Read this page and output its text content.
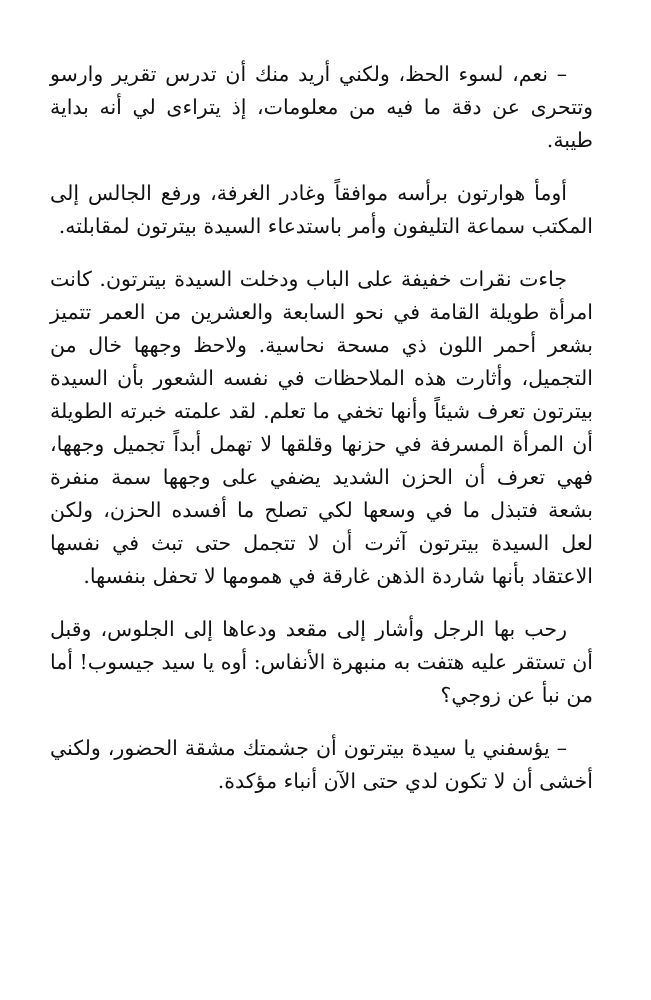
– نعم، لسوء الحظ، ولكني أريد منك أن تدرس تقرير وارسو وتتحرى عن دقة ما فيه من معلومات، إذ يتراءى لي أنه بداية طيبة.

أومأ هوارتون برأسه موافقاً وغادر الغرفة، ورفع الجالس إلى المكتب سماعة التليفون وأمر باستدعاء السيدة بيترتون لمقابلته.

جاءت نقرات خفيفة على الباب ودخلت السيدة بيترتون. كانت امرأة طويلة القامة في نحو السابعة والعشرين من العمر تتميز بشعر أحمر اللون ذي مسحة نحاسية. ولاحظ وجهها خال من التجميل، وأثارت هذه الملاحظات في نفسه الشعور بأن السيدة بيترتون تعرف شيئاً وأنها تخفي ما تعلم. لقد علمته خبرته الطويلة أن المرأة المسرفة في حزنها وقلقها لا تهمل أبداً تجميل وجهها، فهي تعرف أن الحزن الشديد يضفي على وجهها سمة منفرة بشعة فتبذل ما في وسعها لكي تصلح ما أفسده الحزن، ولكن لعل السيدة بيترتون آثرت أن لا تتجمل حتى تبث في نفسها الاعتقاد بأنها شاردة الذهن غارقة في همومها لا تحفل بنفسها.

رحب بها الرجل وأشار إلى مقعد ودعاها إلى الجلوس، وقبل أن تستقر عليه هتفت به منبهرة الأنفاس: أوه يا سيد جيسوب! أما من نبأ عن زوجي؟

– يؤسفني يا سيدة بيترتون أن جشمتك مشقة الحضور، ولكني أخشى أن لا تكون لدي حتى الآن أنباء مؤكدة.
